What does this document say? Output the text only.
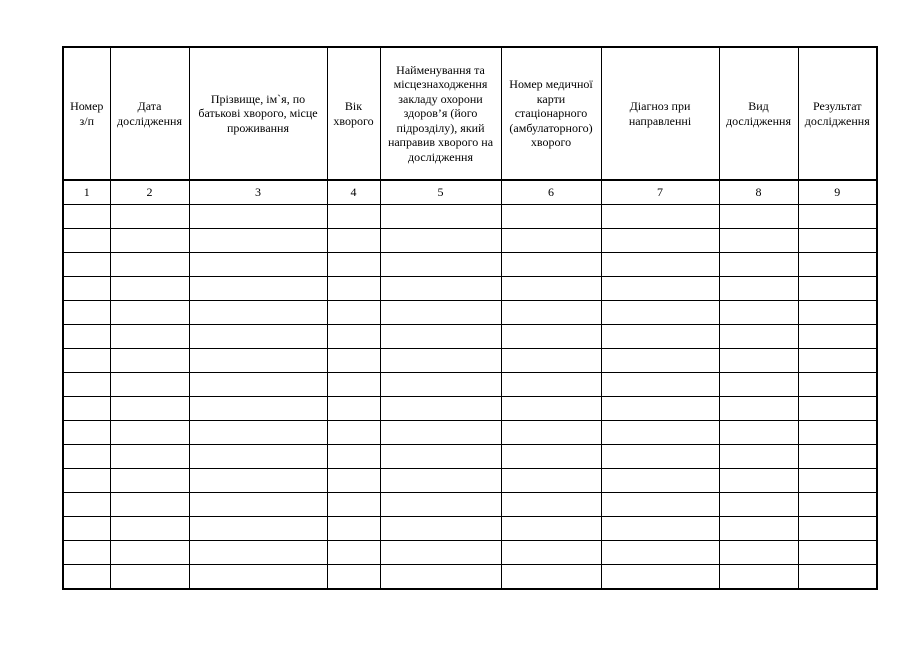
Номер з/п	Дата дослідження	Прізвище, ім`я, по батькові хворого, місце проживання	Вік хворого	Найменування та місцезнаходження закладу охорони здоров’я (його підрозділу), який направив хворого на дослідження	Номер медичної карти стаціонарного (амбулаторного) хворого	Діагноз при направленні	Вид дослідження	Результат дослідження
1	2	3	4	5	6	7	8	9
